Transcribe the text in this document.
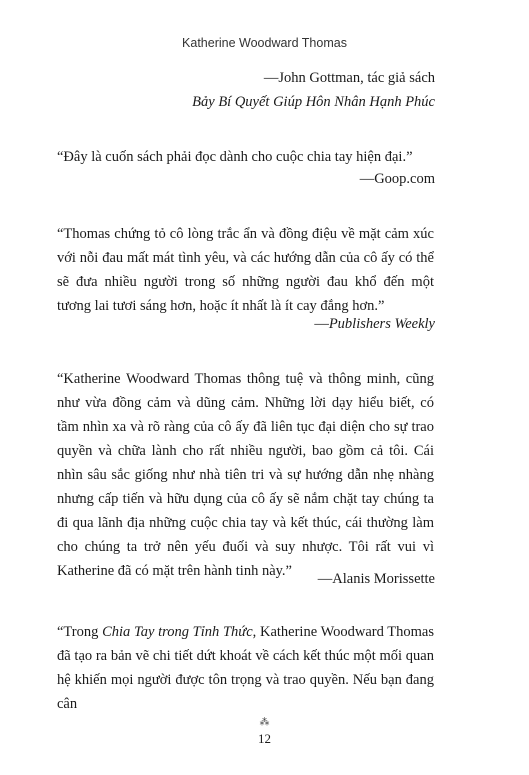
Katherine Woodward Thomas
—John Gottman, tác giả sách
Bảy Bí Quyết Giúp Hôn Nhân Hạnh Phúc

“Đây là cuốn sách phải đọc dành cho cuộc chia tay hiện đại.”

—Goop.com

“Thomas chứng tỏ cô lòng trắc ẩn và đồng điệu về mặt cảm xúc với nỗi đau mất mát tình yêu, và các hướng dẫn của cô ấy có thể sẽ đưa nhiều người trong số những người đau khổ đến một tương lai tươi sáng hơn, hoặc ít nhất là ít cay đắng hơn.”

—Publishers Weekly

“Katherine Woodward Thomas thông tuệ và thông minh, cũng như vừa đồng cảm và dũng cảm. Những lời dạy hiểu biết, có tầm nhìn xa và rõ ràng của cô ấy đã liên tục đại diện cho sự trao quyền và chữa lành cho rất nhiều người, bao gồm cả tôi. Cái nhìn sâu sắc giống như nhà tiên tri và sự hướng dẫn nhẹ nhàng nhưng cấp tiến và hữu dụng của cô ấy sẽ nắm chặt tay chúng ta đi qua lãnh địa những cuộc chia tay và kết thúc, cái thường làm cho chúng ta trở nên yếu đuối và suy nhược. Tôi rất vui vì Katherine đã có mặt trên hành tinh này.”	—Alanis Morissette

“Trong Chia Tay trong Tỉnh Thức, Katherine Woodward Thomas đã tạo ra bản vẽ chi tiết dứt khoát về cách kết thúc một mối quan hệ khiến mọi người được tôn trọng và trao quyền. Nếu bạn đang cân

⁂
12
